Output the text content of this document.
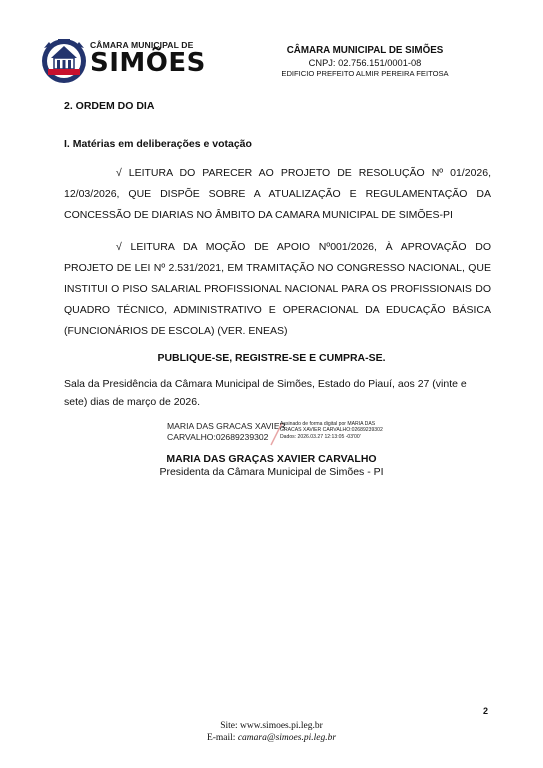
CÂMARA MUNICIPAL DE
SIMÕES	CÂMARA MUNICIPAL DE SIMÕES
CNPJ: 02.756.151/0001-08
EDIFICIO PREFEITO ALMIR PEREIRA FEITOSA
2. ORDEM DO DIA
I. Matérias em deliberações e votação
√ LEITURA DO PARECER AO PROJETO DE RESOLUÇÃO Nº 01/2026, 12/03/2026, QUE DISPÕE SOBRE A ATUALIZAÇÃO E REGULAMENTAÇÃO DA CONCESSÃO DE DIARIAS NO ÂMBITO DA CAMARA MUNICIPAL DE SIMÕES-PI
√ LEITURA DA MOÇÃO DE APOIO Nº001/2026, À APROVAÇÃO DO PROJETO DE LEI Nº 2.531/2021, EM TRAMITAÇÃO NO CONGRESSO NACIONAL, QUE INSTITUI O PISO SALARIAL PROFISSIONAL NACIONAL PARA OS PROFISSIONAIS DO QUADRO TÉCNICO, ADMINISTRATIVO E OPERACIONAL DA EDUCAÇÃO BÁSICA (FUNCIONÁRIOS DE ESCOLA) (VER. ENEAS)
PUBLIQUE-SE, REGISTRE-SE E CUMPRA-SE.
Sala da Presidência da Câmara Municipal de Simões, Estado do Piauí, aos 27 (vinte e sete) dias de março de 2026.
MARIA DAS GRACAS XAVIER
CARVALHO:02689239302
Assinado de forma digital por MARIA DAS
GRACAS XAVIER CARVALHO:02689239302
Dados: 2026.03.27 12:13:05 -03'00'
MARIA DAS GRAÇAS XAVIER CARVALHO
Presidenta da Câmara Municipal de Simões - PI
2
Site: www.simoes.pi.leg.br
E-mail: camara@simoes.pi.leg.br
